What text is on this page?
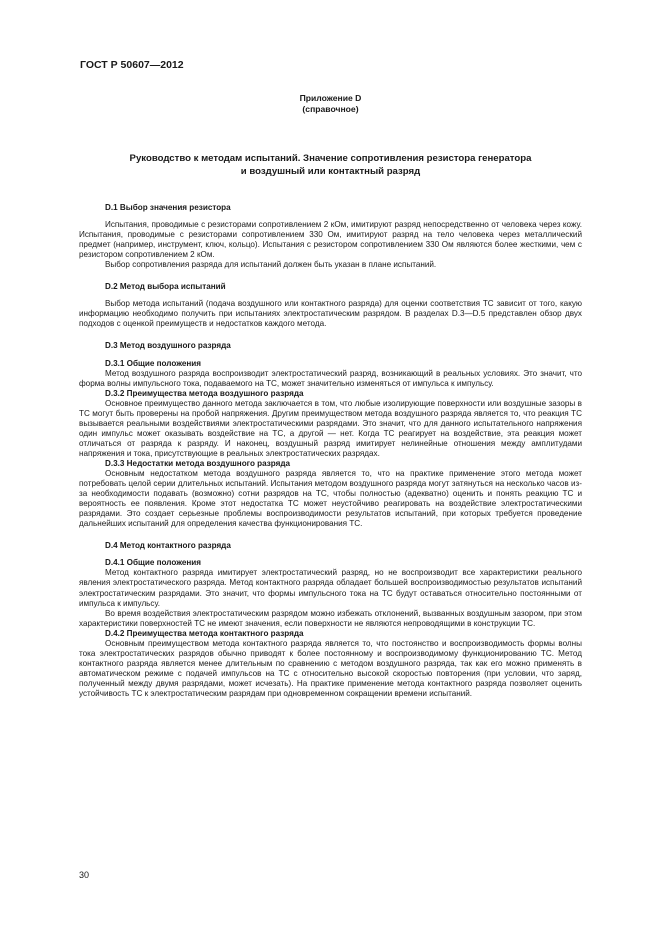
ГОСТ Р 50607—2012
Приложение D
(справочное)
Руководство к методам испытаний. Значение сопротивления резистора генератора
и воздушный или контактный разряд
D.1 Выбор значения резистора
Испытания, проводимые с резисторами сопротивлением 2 кОм, имитируют разряд непосредственно от человека через кожу. Испытания, проводимые с резисторами сопротивлением 330 Ом, имитируют разряд на тело человека через металлический предмет (например, инструмент, ключ, кольцо). Испытания с резистором сопротивлением 330 Ом являются более жесткими, чем с резистором сопротивлением 2 кОм.
Выбор сопротивления разряда для испытаний должен быть указан в плане испытаний.
D.2 Метод выбора испытаний
Выбор метода испытаний (подача воздушного или контактного разряда) для оценки соответствия ТС зависит от того, какую информацию необходимо получить при испытаниях электростатическим разрядом. В разделах D.3—D.5 представлен обзор двух подходов с оценкой преимуществ и недостатков каждого метода.
D.3 Метод воздушного разряда
D.3.1 Общие положения
Метод воздушного разряда воспроизводит электростатический разряд, возникающий в реальных условиях. Это значит, что форма волны импульсного тока, подаваемого на ТС, может значительно изменяться от импульса к импульсу.
D.3.2 Преимущества метода воздушного разряда
Основное преимущество данного метода заключается в том, что любые изолирующие поверхности или воздушные зазоры в ТС могут быть проверены на пробой напряжения. Другим преимуществом метода воздушного разряда является то, что реакция ТС вызывается реальными воздействиями электростатическими разрядами. Это значит, что для данного испытательного напряжения один импульс может оказывать воздействие на ТС, а другой — нет. Когда ТС реагирует на воздействие, эта реакция может отличаться от разряда к разряду. И наконец, воздушный разряд имитирует нелинейные отношения между амплитудами напряжения и тока, присутствующие в реальных электростатических разрядах.
D.3.3 Недостатки метода воздушного разряда
Основным недостатком метода воздушного разряда является то, что на практике применение этого метода может потребовать целой серии длительных испытаний. Испытания методом воздушного разряда могут затянуться на несколько часов из-за необходимости подавать (возможно) сотни разрядов на ТС, чтобы полностью (адекватно) оценить и понять реакцию ТС и вероятность ее появления. Кроме этот недостатка ТС может неустойчиво реагировать на воздействие электростатическими разрядами. Это создает серьезные проблемы воспроизводимости результатов испытаний, при которых требуется проведение дальнейших испытаний для определения качества функционирования ТС.
D.4 Метод контактного разряда
D.4.1 Общие положения
Метод контактного разряда имитирует электростатический разряд, но не воспроизводит все характеристики реального явления электростатического разряда. Метод контактного разряда обладает большей воспроизводимостью результатов испытаний электростатическим разрядами. Это значит, что формы импульсного тока на ТС будут оставаться относительно постоянными от импульса к импульсу.
Во время воздействия электростатическим разрядом можно избежать отклонений, вызванных воздушным зазором, при этом характеристики поверхностей ТС не имеют значения, если поверхности не являются непроводящими в конструкции ТС.
D.4.2 Преимущества метода контактного разряда
Основным преимуществом метода контактного разряда является то, что постоянство и воспроизводимость формы волны тока электростатических разрядов обычно приводят к более постоянному и воспроизводимому функционированию ТС. Метод контактного разряда является менее длительным по сравнению с методом воздушного разряда, так как его можно применять в автоматическом режиме с подачей импульсов на ТС с относительно высокой скоростью повторения (при условии, что заряд, полученный между двумя разрядами, может исчезать). На практике применение метода контактного разряда позволяет оценить устойчивость ТС к электростатическим разрядам при одновременном сокращении времени испытаний.
30
